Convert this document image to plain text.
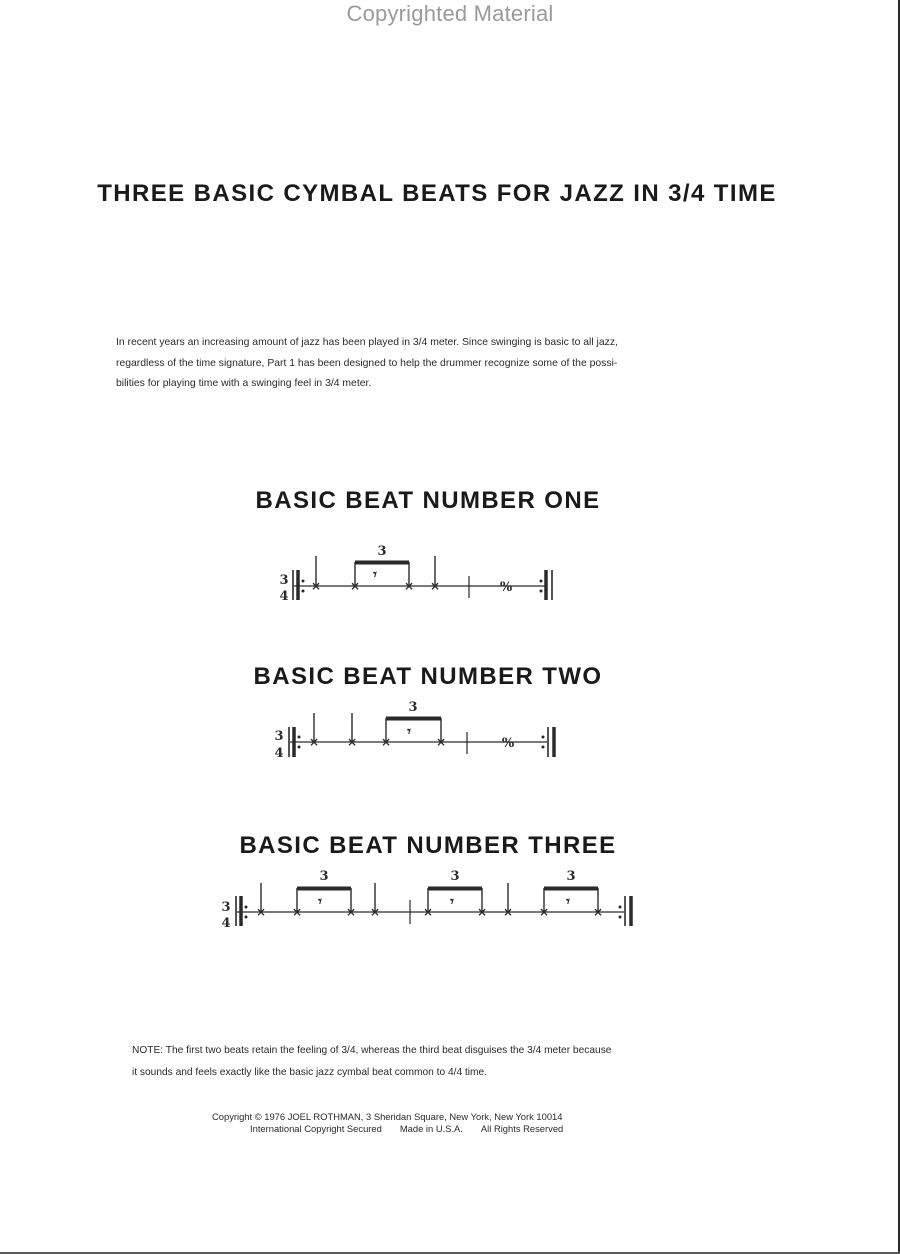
Copyrighted Material
THREE BASIC CYMBAL BEATS FOR JAZZ IN 3/4 TIME
In recent years an increasing amount of jazz has been played in 3/4 meter. Since swinging is basic to all jazz,
regardless of the time signature, Part 1 has been designed to help the drummer recognize some of the possi-
bilities for playing time with a swinging feel in 3/4 meter.
BASIC BEAT NUMBER ONE
× ×	× ×
𝄾
3
4
3
%
BASIC BEAT NUMBER TWO
× × ×	×
𝄾
3
4
3
%
BASIC BEAT NUMBER THREE
× ×	× ×	×	× × ×	×
𝄾	𝄾	𝄾
3
4
3	3	3
NOTE: The first two beats retain the feeling of 3/4, whereas the third beat disguises the 3/4 meter because
it sounds and feels exactly like the basic jazz cymbal beat common to 4/4 time.
Copyright © 1976 JOEL ROTHMAN, 3 Sheridan Square, New York, New York 10014
International Copyright Secured Made in U.S.A. All Rights Reserved
